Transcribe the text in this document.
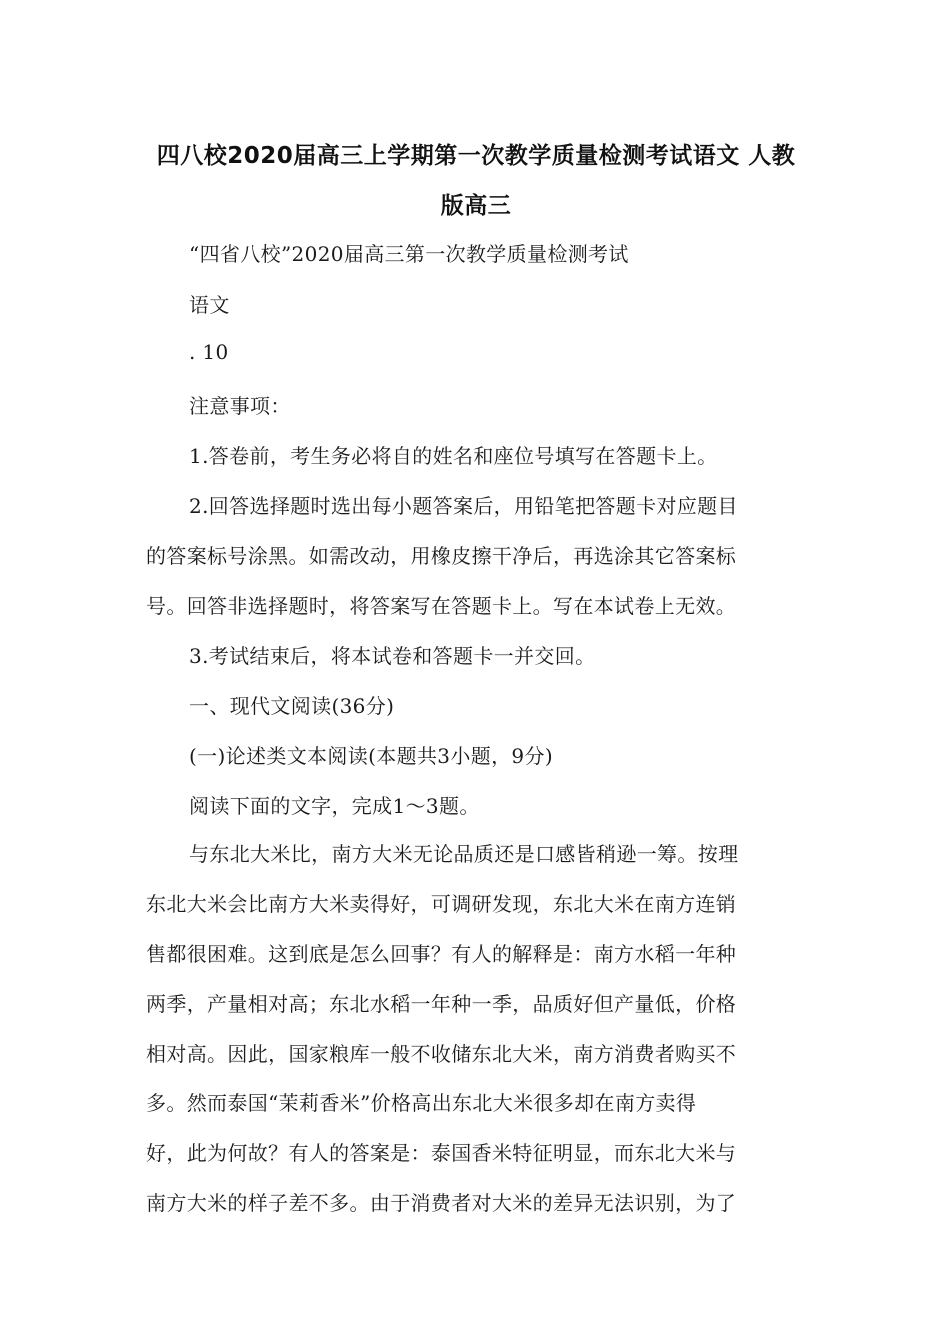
四八校2020届高三上学期第一次教学质量检测考试语文 人教
版高三
“四省八校”2020届高三第一次教学质量检测考试
语文
. 10
注意事项：
1.答卷前，考生务必将自的姓名和座位号填写在答题卡上。
2.回答选择题时选出每小题答案后，用铅笔把答题卡对应题目
的答案标号涂黑。如需改动，用橡皮擦干净后，再选涂其它答案标
号。回答非选择题时，将答案写在答题卡上。写在本试卷上无效。
3.考试结束后，将本试卷和答题卡一并交回。
一、现代文阅读(36分)
(一)论述类文本阅读(本题共3小题，9分)
阅读下面的文字，完成1～3题。
与东北大米比，南方大米无论品质还是口感皆稍逊一筹。按理
东北大米会比南方大米卖得好，可调研发现，东北大米在南方连销
售都很困难。这到底是怎么回事？有人的解释是：南方水稻一年种
两季，产量相对高；东北水稻一年种一季，品质好但产量低，价格
相对高。因此，国家粮库一般不收储东北大米，南方消费者购买不
多。然而泰国“茉莉香米”价格高出东北大米很多却在南方卖得
好，此为何故？有人的答案是：泰国香米特征明显，而东北大米与
南方大米的样子差不多。由于消费者对大米的差异无法识别，为了
